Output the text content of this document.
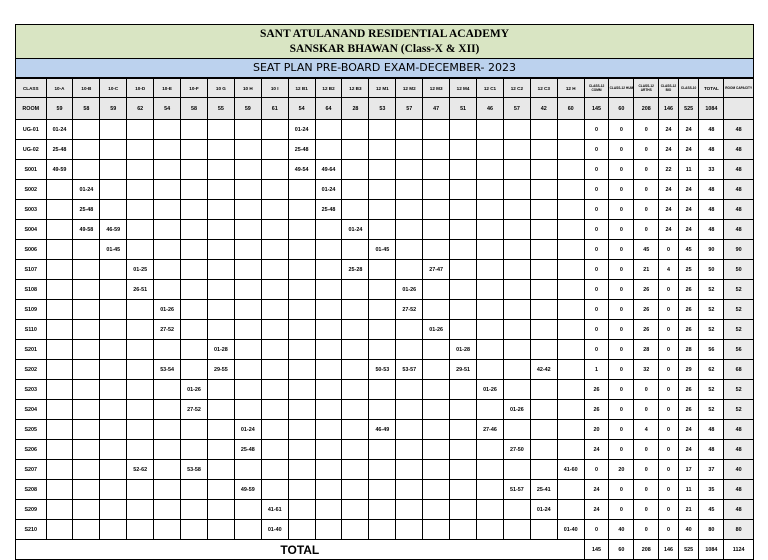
SANT ATULANAND RESIDENTIAL ACADEMY
SANSKAR BHAWAN (Class-X & XII)
SEAT PLAN PRE-BOARD EXAM-DECEMBER- 2023
CLASS	10-A	10-B	10-C	10-D	10-E	10-F	10 G	10 H	10 I	12 B1	12 B2	12 B3	12 M1	12 M2	12 M3	12 M4	12 C1	12 C2	12 C3	12 H	CLASS-12 COMM	CLASS-12 HUM	CLASS-12 ARTHS	CLASS-12 BIO	CLASS-10	TOTAL	ROOM CAPACITY
ROOM	59	58	59	62	54	58	55	59	61	54	64	28	53	57	47	51	46	57	42	60	145	60	208	146	525	1084	
UG-01	01-24									01-24											0	0	0	24	24	48	48
UG-02	25-48									25-48											0	0	0	24	24	48	48
S001	49-59									49-54	49-64										0	0	0	22	11	33	48
S002		01-24									01-24										0	0	0	24	24	48	48
S003		25-48									25-48										0	0	0	24	24	48	48
S004		49-58	46-59									01-24									0	0	0	24	24	48	48
S006			01-45										01-45								0	0	45	0	45	90	90
S107				01-25								25-28			27-47						0	0	21	4	25	50	50
S108				26-51										01-26							0	0	26	0	26	52	52
S109					01-26									27-52							0	0	26	0	26	52	52
S110					27-52										01-26						0	0	26	0	26	52	52
S201							01-28									01-28					0	0	28	0	28	56	56
S202					53-54		29-55						50-53	53-57		29-51			42-42		1	0	32	0	29	62	68
S203						01-26											01-26				26	0	0	0	26	52	52
S204						27-52												01-26			26	0	0	0	26	52	52
S205								01-24					46-49				27-46				20	0	4	0	24	48	48
S206								25-48										27-50			24	0	0	0	24	48	48
S207				52-62		53-58														41-60	0	20	0	0	17	37	40
S208								49-59										51-57	25-41		24	0	0	0	11	35	48
S209									41-61										01-24		24	0	0	0	21	45	48
S210									01-40											01-40	0	40	0	0	40	80	80
TOTAL																					145	60	208	146	525	1084	1124
